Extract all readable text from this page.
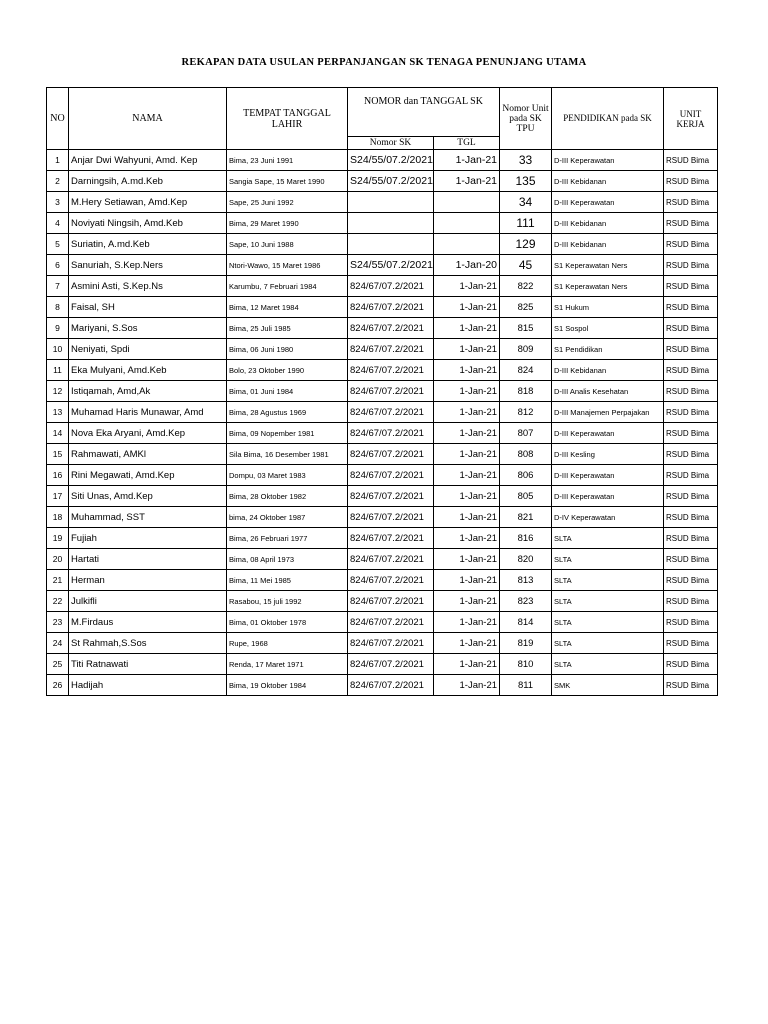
REKAPAN DATA USULAN PERPANJANGAN SK TENAGA PENUNJANG UTAMA
NO	NAMA	TEMPAT TANGGAL LAHIR	NOMOR dan TANGGAL SK		Nomor Unit pada SK TPU	PENDIDIKAN pada SK	UNIT KERJA
			Nomor SK	TGL			
1	Anjar Dwi Wahyuni, Amd. Kep	Bima, 23 Juni 1991	S24/55/07.2/2021	1-Jan-21	33	D-III Keperawatan	RSUD Bima
2	Darningsih, A.md.Keb	Sangia Sape, 15 Maret 1990	S24/55/07.2/2021	1-Jan-21	135	D-III Kebidanan	RSUD Bima
3	M.Hery Setiawan, Amd.Kep	Sape, 25 Juni 1992			34	D-III Keperawatan	RSUD Bima
4	Noviyati Ningsih, Amd.Keb	Bima, 29 Maret 1990			111	D-III Kebidanan	RSUD Bima
5	Suriatin, A.md.Keb	Sape, 10 Juni 1988			129	D-III Kebidanan	RSUD Bima
6	Sanuriah, S.Kep.Ners	Ntori-Wawo, 15 Maret 1986	S24/55/07.2/2021	1-Jan-20	45	S1 Keperawatan Ners	RSUD Bima
7	Asmini Asti, S.Kep.Ns	Karumbu, 7 Februari 1984	824/67/07.2/2021	1-Jan-21	822	S1 Keperawatan Ners	RSUD Bima
8	Faisal, SH	Bima, 12 Maret 1984	824/67/07.2/2021	1-Jan-21	825	S1 Hukum	RSUD Bima
9	Mariyani, S.Sos	Bima, 25 Juli 1985	824/67/07.2/2021	1-Jan-21	815	S1 Sospol	RSUD Bima
10	Neniyati, Spdi	Bima, 06 Juni 1980	824/67/07.2/2021	1-Jan-21	809	S1 Pendidikan	RSUD Bima
11	Eka Mulyani, Amd.Keb	Bolo, 23 Oktober 1990	824/67/07.2/2021	1-Jan-21	824	D-III Kebidanan	RSUD Bima
12	Istiqamah, Amd,Ak	Bima, 01 Juni 1984	824/67/07.2/2021	1-Jan-21	818	D-III Analis Kesehatan	RSUD Bima
13	Muhamad Haris Munawar, Amd	Bima, 28 Agustus 1969	824/67/07.2/2021	1-Jan-21	812	D-III Manajemen Perpajakan	RSUD Bima
14	Nova Eka Aryani, Amd.Kep	Bima, 09 Nopember 1981	824/67/07.2/2021	1-Jan-21	807	D-III Keperawatan	RSUD Bima
15	Rahmawati, AMKl	Sila Bima, 16 Desember 1981	824/67/07.2/2021	1-Jan-21	808	D-III Kesling	RSUD Bima
16	Rini Megawati, Amd.Kep	Dompu, 03 Maret 1983	824/67/07.2/2021	1-Jan-21	806	D-III Keperawatan	RSUD Bima
17	Siti Unas, Amd.Kep	Bima, 28 Oktober 1982	824/67/07.2/2021	1-Jan-21	805	D-III Keperawatan	RSUD Bima
18	Muhammad, SST	bima, 24 Oktober 1987	824/67/07.2/2021	1-Jan-21	821	D-IV Keperawatan	RSUD Bima
19	Fujiah	Bima, 26 Februari 1977	824/67/07.2/2021	1-Jan-21	816	SLTA	RSUD Bima
20	Hartati	Bima, 08 April 1973	824/67/07.2/2021	1-Jan-21	820	SLTA	RSUD Bima
21	Herman	Bima, 11 Mei 1985	824/67/07.2/2021	1-Jan-21	813	SLTA	RSUD Bima
22	Julkifli	Rasabou, 15 juli 1992	824/67/07.2/2021	1-Jan-21	823	SLTA	RSUD Bima
23	M.Firdaus	Bima, 01 Oktober 1978	824/67/07.2/2021	1-Jan-21	814	SLTA	RSUD Bima
24	St Rahmah,S.Sos	Rupe, 1968	824/67/07.2/2021	1-Jan-21	819	SLTA	RSUD Bima
25	Titi Ratnawati	Renda, 17 Maret 1971	824/67/07.2/2021	1-Jan-21	810	SLTA	RSUD Bima
26	Hadijah	Bima, 19 Oktober 1984	824/67/07.2/2021	1-Jan-21	811	SMK	RSUD Bima
